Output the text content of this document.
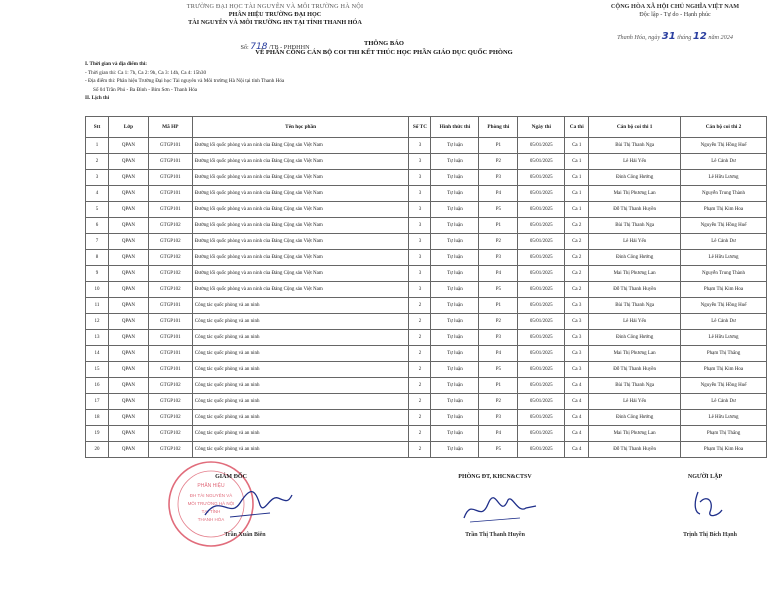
TRƯỜNG ĐẠI HỌC TÀI NGUYÊN VÀ MÔI TRƯỜNG HÀ NỘI
PHÂN HIỆU TRƯỜNG ĐẠI HỌC
TÀI NGUYÊN VÀ MÔI TRƯỜNG HN TẠI TỈNH THANH HÓA
Số: 718 /TB - PHĐHHN
CỘNG HÒA XÃ HỘI CHỦ NGHĨA VIỆT NAM
Độc lập - Tự do - Hạnh phúc
Thanh Hóa, ngày 31 tháng 12 năm 2024
THÔNG BÁO
VỀ PHÂN CÔNG CÁN BỘ COI THI KẾT THÚC HỌC PHẦN GIÁO DỤC QUỐC PHÒNG
I. Thời gian và địa điểm thi:
- Thời gian thi: Ca 1: 7h, Ca 2: 9h, Ca 3: 14h, Ca 4: 15h30
- Địa điểm thi: Phân hiệu Trường Đại học Tài nguyên và Môi trường Hà Nội tại tỉnh Thanh Hóa
Số 04 Trần Phú - Ba Đình - Bỉm Sơn - Thanh Hóa
II. Lịch thi
Stt	Lớp	Mã HP	Tên học phần	Số TC	Hình thức thi	Phòng thi	Ngày thi	Ca thi	Cán bộ coi thi 1	Cán bộ coi thi 2
1	QPAN	GTGP101	Đường lối quốc phòng và an ninh của Đảng Cộng sản Việt Nam	3	Tự luận	P1	05/01/2025	Ca 1	Bùi Thị Thanh Nga	Nguyễn Thị Hồng Huế
2	QPAN	GTGP101	Đường lối quốc phòng và an ninh của Đảng Cộng sản Việt Nam	3	Tự luận	P2	05/01/2025	Ca 1	Lê Hải Yến	Lê Cảnh Dư
3	QPAN	GTGP101	Đường lối quốc phòng và an ninh của Đảng Cộng sản Việt Nam	3	Tự luận	P3	05/01/2025	Ca 1	Đinh Công Hướng	Lê Hữu Lương
4	QPAN	GTGP101	Đường lối quốc phòng và an ninh của Đảng Cộng sản Việt Nam	3	Tự luận	P4	05/01/2025	Ca 1	Mai Thị Phương Lan	Nguyễn Trung Thành
5	QPAN	GTGP101	Đường lối quốc phòng và an ninh của Đảng Cộng sản Việt Nam	3	Tự luận	P5	05/01/2025	Ca 1	Đỗ Thị Thanh Huyền	Phạm Thị Kim Hoa
6	QPAN	GTGP102	Đường lối quốc phòng và an ninh của Đảng Cộng sản Việt Nam	3	Tự luận	P1	05/01/2025	Ca 2	Bùi Thị Thanh Nga	Nguyễn Thị Hồng Huế
7	QPAN	GTGP102	Đường lối quốc phòng và an ninh của Đảng Cộng sản Việt Nam	3	Tự luận	P2	05/01/2025	Ca 2	Lê Hải Yến	Lê Cảnh Dư
8	QPAN	GTGP102	Đường lối quốc phòng và an ninh của Đảng Cộng sản Việt Nam	3	Tự luận	P3	05/01/2025	Ca 2	Đinh Công Hướng	Lê Hữu Lương
9	QPAN	GTGP102	Đường lối quốc phòng và an ninh của Đảng Cộng sản Việt Nam	3	Tự luận	P4	05/01/2025	Ca 2	Mai Thị Phương Lan	Nguyễn Trung Thành
10	QPAN	GTGP102	Đường lối quốc phòng và an ninh của Đảng Cộng sản Việt Nam	3	Tự luận	P5	05/01/2025	Ca 2	Đỗ Thị Thanh Huyền	Phạm Thị Kim Hoa
11	QPAN	GTGP101	Công tác quốc phòng và an ninh	2	Tự luận	P1	05/01/2025	Ca 3	Bùi Thị Thanh Nga	Nguyễn Thị Hồng Huế
12	QPAN	GTGP101	Công tác quốc phòng và an ninh	2	Tự luận	P2	05/01/2025	Ca 3	Lê Hải Yến	Lê Cảnh Dư
13	QPAN	GTGP101	Công tác quốc phòng và an ninh	2	Tự luận	P3	05/01/2025	Ca 3	Đinh Công Hướng	Lê Hữu Lương
14	QPAN	GTGP101	Công tác quốc phòng và an ninh	2	Tự luận	P4	05/01/2025	Ca 3	Mai Thị Phương Lan	Phạm Thị Thắng
15	QPAN	GTGP101	Công tác quốc phòng và an ninh	2	Tự luận	P5	05/01/2025	Ca 3	Đỗ Thị Thanh Huyền	Phạm Thị Kim Hoa
16	QPAN	GTGP102	Công tác quốc phòng và an ninh	2	Tự luận	P1	05/01/2025	Ca 4	Bùi Thị Thanh Nga	Nguyễn Thị Hồng Huế
17	QPAN	GTGP102	Công tác quốc phòng và an ninh	2	Tự luận	P2	05/01/2025	Ca 4	Lê Hải Yến	Lê Cảnh Dư
18	QPAN	GTGP102	Công tác quốc phòng và an ninh	2	Tự luận	P3	05/01/2025	Ca 4	Đinh Công Hướng	Lê Hữu Lương
19	QPAN	GTGP102	Công tác quốc phòng và an ninh	2	Tự luận	P4	05/01/2025	Ca 4	Mai Thị Phương Lan	Phạm Thị Thắng
20	QPAN	GTGP102	Công tác quốc phòng và an ninh	2	Tự luận	P5	05/01/2025	Ca 4	Đỗ Thị Thanh Huyền	Phạm Thị Kim Hoa
PHÂN HIỆU
ĐH TÀI NGUYÊN VÀ
MÔI TRƯỜNG HÀ NỘI
TẠI TỈNH
THANH HÓA
GIÁM ĐỐC
Trần Xuân Biên
PHÒNG ĐT, KHCN&CTSV
Trần Thị Thanh Huyền
NGƯỜI LẬP
Trịnh Thị Bích Hạnh
